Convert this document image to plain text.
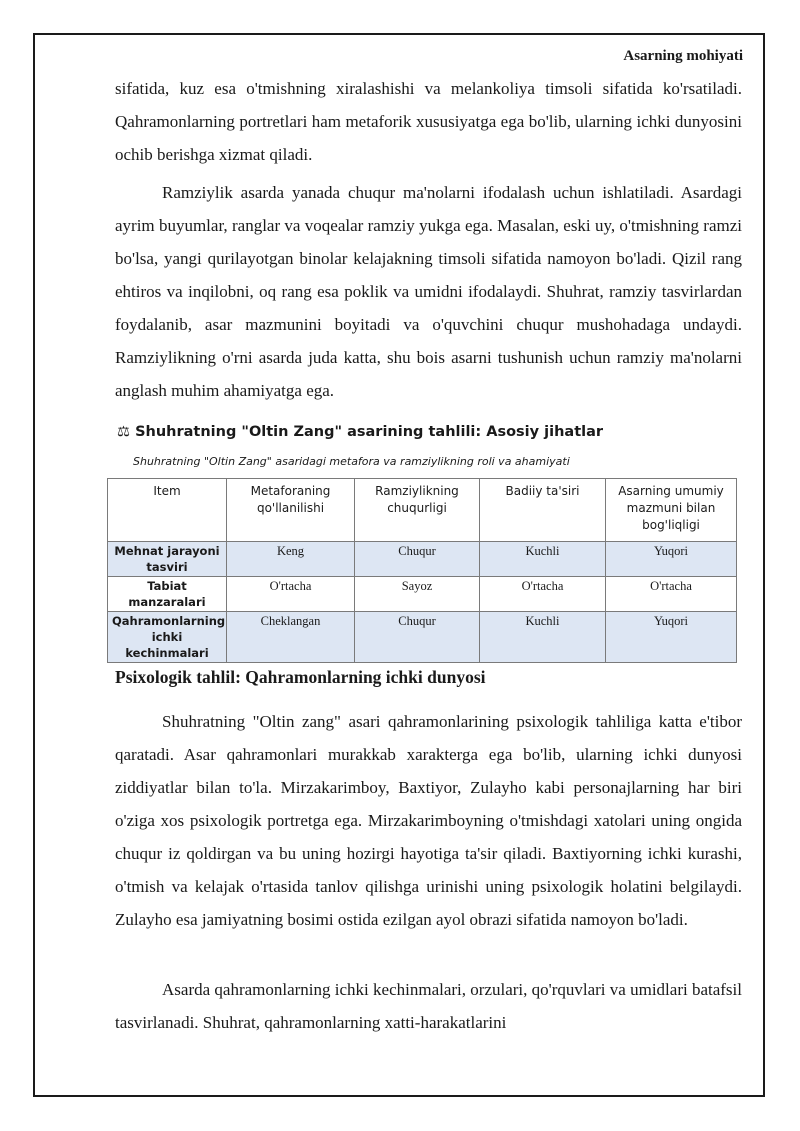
Asarning mohiyati

sifatida, kuz esa o'tmishning xiralashishi va melankoliya timsoli sifatida ko'rsatiladi. Qahramonlarning portretlari ham metaforik xususiyatga ega bo'lib, ularning ichki dunyosini ochib berishga xizmat qiladi.

Ramziylik asarda yanada chuqur ma'nolarni ifodalash uchun ishlatiladi. Asardagi ayrim buyumlar, ranglar va voqealar ramziy yukga ega. Masalan, eski uy, o'tmishning ramzi bo'lsa, yangi qurilayotgan binolar kelajakning timsoli sifatida namoyon bo'ladi. Qizil rang ehtiros va inqilobni, oq rang esa poklik va umidni ifodalaydi. Shuhrat, ramziy tasvirlardan foydalanib, asar mazmunini boyitadi va o'quvchini chuqur mushohadaga undaydi. Ramziylikning o'rni asarda juda katta, shu bois asarni tushunish uchun ramziy ma'nolarni anglash muhim ahamiyatga ega.

⚖ Shuhratning "Oltin Zang" asarining tahlili: Asosiy jihatlar
Shuhratning "Oltin Zang" asaridagi metafora va ramziylikning roli va ahamiyati
Item	Metaforaning qo'llanilishi	Ramziylikning chuqurligi	Badiiy ta'siri	Asarning umumiy mazmuni bilan bog'liqligi
Mehnat jarayoni tasviri	Keng	Chuqur	Kuchli	Yuqori
Tabiat manzaralari	O'rtacha	Sayoz	O'rtacha	O'rtacha
Qahramonlarning ichki kechinmalari	Cheklangan	Chuqur	Kuchli	Yuqori
Psixologik tahlil: Qahramonlarning ichki dunyosi

Shuhratning "Oltin zang" asari qahramonlarining psixologik tahliliga katta e'tibor qaratadi. Asar qahramonlari murakkab xarakterga ega bo'lib, ularning ichki dunyosi ziddiyatlar bilan to'la. Mirzakarimboy, Baxtiyor, Zulayho kabi personajlarning har biri o'ziga xos psixologik portretga ega. Mirzakarimboyning o'tmishdagi xatolari uning ongida chuqur iz qoldirgan va bu uning hozirgi hayotiga ta'sir qiladi. Baxtiyorning ichki kurashi, o'tmish va kelajak o'rtasida tanlov qilishga urinishi uning psixologik holatini belgilaydi. Zulayho esa jamiyatning bosimi ostida ezilgan ayol obrazi sifatida namoyon bo'ladi.

Asarda qahramonlarning ichki kechinmalari, orzulari, qo'rquvlari va umidlari batafsil tasvirlanadi. Shuhrat, qahramonlarning xatti-harakatlarini
